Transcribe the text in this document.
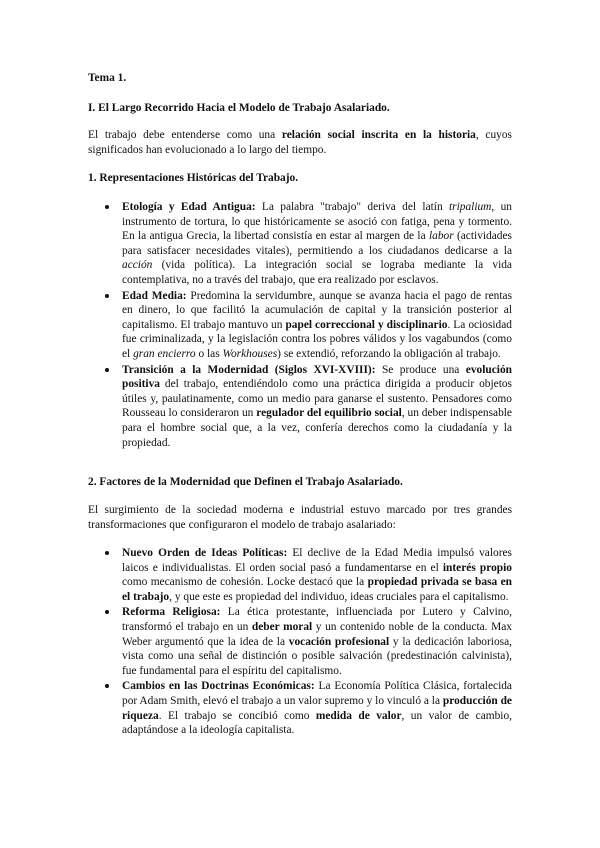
Tema 1.

I. El Largo Recorrido Hacia el Modelo de Trabajo Asalariado.

El trabajo debe entenderse como una relación social inscrita en la historia, cuyos significados han evolucionado a lo largo del tiempo.

1. Representaciones Históricas del Trabajo.

Etología y Edad Antigua: La palabra "trabajo" deriva del latín tripalium, un instrumento de tortura, lo que históricamente se asoció con fatiga, pena y tormento. En la antigua Grecia, la libertad consistía en estar al margen de la labor (actividades para satisfacer necesidades vitales), permitiendo a los ciudadanos dedicarse a la acción (vida política). La integración social se lograba mediante la vida contemplativa, no a través del trabajo, que era realizado por esclavos.
Edad Media: Predomina la servidumbre, aunque se avanza hacia el pago de rentas en dinero, lo que facilitó la acumulación de capital y la transición posterior al capitalismo. El trabajo mantuvo un papel correccional y disciplinario. La ociosidad fue criminalizada, y la legislación contra los pobres válidos y los vagabundos (como el gran encierro o las Workhouses) se extendió, reforzando la obligación al trabajo.
Transición a la Modernidad (Siglos XVI-XVIII): Se produce una evolución positiva del trabajo, entendiéndolo como una práctica dirigida a producir objetos útiles y, paulatinamente, como un medio para ganarse el sustento. Pensadores como Rousseau lo consideraron un regulador del equilibrio social, un deber indispensable para el hombre social que, a la vez, confería derechos como la ciudadanía y la propiedad.

2. Factores de la Modernidad que Definen el Trabajo Asalariado.

El surgimiento de la sociedad moderna e industrial estuvo marcado por tres grandes transformaciones que configuraron el modelo de trabajo asalariado:

Nuevo Orden de Ideas Políticas: El declive de la Edad Media impulsó valores laicos e individualistas. El orden social pasó a fundamentarse en el interés propio como mecanismo de cohesión. Locke destacó que la propiedad privada se basa en el trabajo, y que este es propiedad del individuo, ideas cruciales para el capitalismo.
Reforma Religiosa: La ética protestante, influenciada por Lutero y Calvino, transformó el trabajo en un deber moral y un contenido noble de la conducta. Max Weber argumentó que la idea de la vocación profesional y la dedicación laboriosa, vista como una señal de distinción o posible salvación (predestinación calvinista), fue fundamental para el espíritu del capitalismo.
Cambios en las Doctrinas Económicas: La Economía Política Clásica, fortalecida por Adam Smith, elevó el trabajo a un valor supremo y lo vinculó a la producción de riqueza. El trabajo se concibió como medida de valor, un valor de cambio, adaptándose a la ideología capitalista.
